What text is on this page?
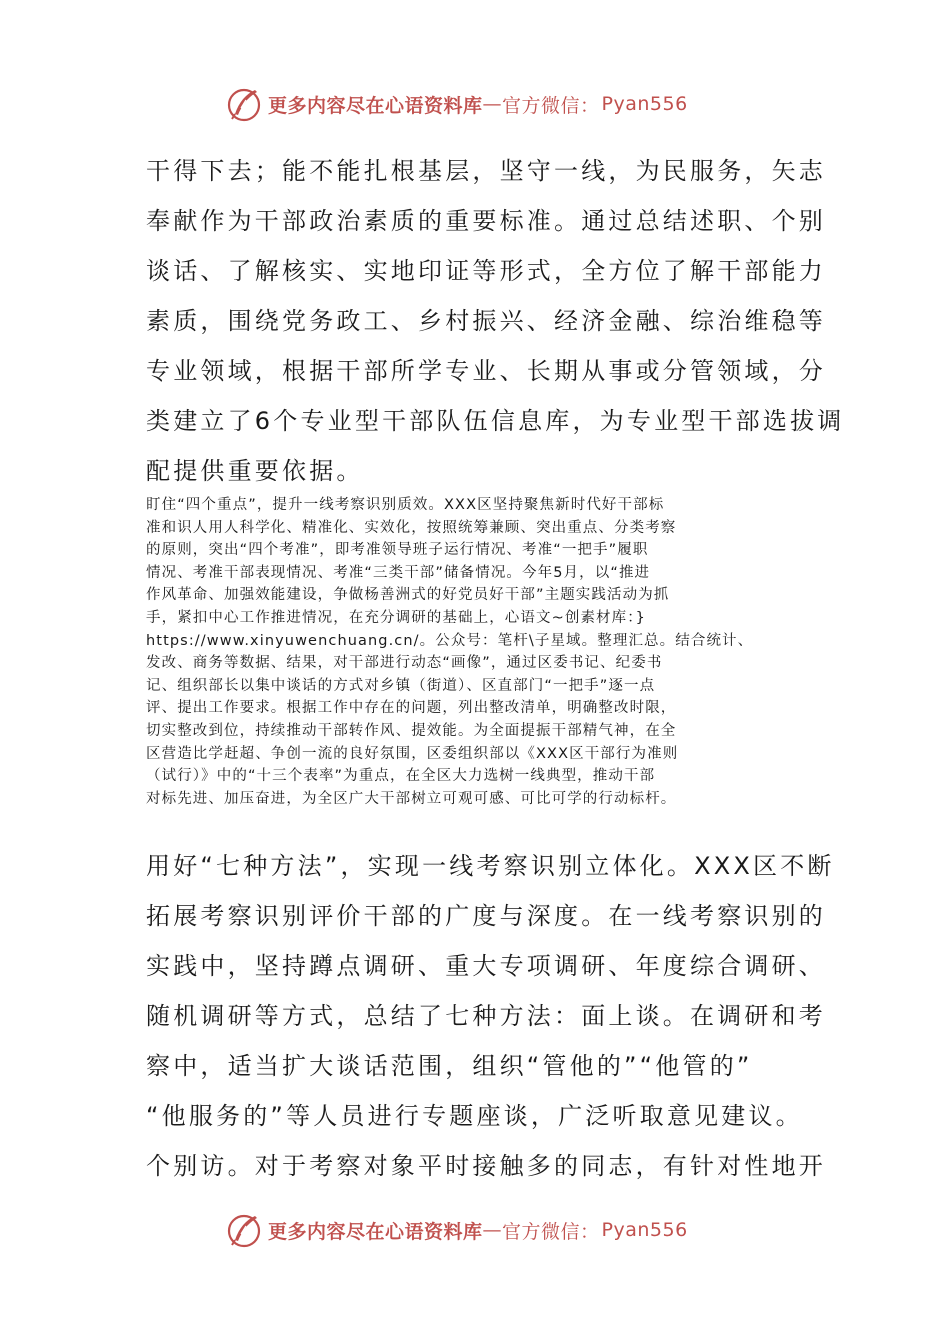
更多内容尽在心语资料库 — 官方微信： Pyan556
干得下去；能不能扎根基层，坚守一线，为民服务，矢志
奉献作为干部政治素质的重要标准。通过总结述职、个别
谈话、了解核实、实地印证等形式，全方位了解干部能力
素质，围绕党务政工、乡村振兴、经济金融、综治维稳等
专业领域，根据干部所学专业、长期从事或分管领域，分
类建立了6个专业型干部队伍信息库，为专业型干部选拔调
配提供重要依据。
盯住“四个重点”，提升一线考察识别质效。XXX区坚持聚焦新时代好干部标
准和识人用人科学化、精准化、实效化，按照统筹兼顾、突出重点、分类考察
的原则，突出“四个考准”，即考准领导班子运行情况、考准“一把手”履职
情况、考准干部表现情况、考准“三类干部”储备情况。今年5月，以“推进
作风革命、加强效能建设，争做杨善洲式的好党员好干部”主题实践活动为抓
手，紧扣中心工作推进情况，在充分调研的基础上，心语文~创素材库：}
https://www.xinyuwenchuang.cn/。公众号：笔杆\子星域。整理汇总。结合统计、
发改、商务等数据、结果，对干部进行动态“画像”，通过区委书记、纪委书
记、组织部长以集中谈话的方式对乡镇（街道）、区直部门“一把手”逐一点
评、提出工作要求。根据工作中存在的问题，列出整改清单，明确整改时限，
切实整改到位，持续推动干部转作风、提效能。为全面提振干部精气神，在全
区营造比学赶超、争创一流的良好氛围，区委组织部以《XXX区干部行为准则
（试行）》中的“十三个表率”为重点，在全区大力选树一线典型，推动干部
对标先进、加压奋进，为全区广大干部树立可观可感、可比可学的行动标杆。
用好“七种方法”，实现一线考察识别立体化。XXX区不断
拓展考察识别评价干部的广度与深度。在一线考察识别的
实践中，坚持蹲点调研、重大专项调研、年度综合调研、
随机调研等方式，总结了七种方法：面上谈。在调研和考
察中，适当扩大谈话范围，组织“管他的”“他管的”
“他服务的”等人员进行专题座谈，广泛听取意见建议。
个别访。对于考察对象平时接触多的同志，有针对性地开
更多内容尽在心语资料库 — 官方微信： Pyan556
